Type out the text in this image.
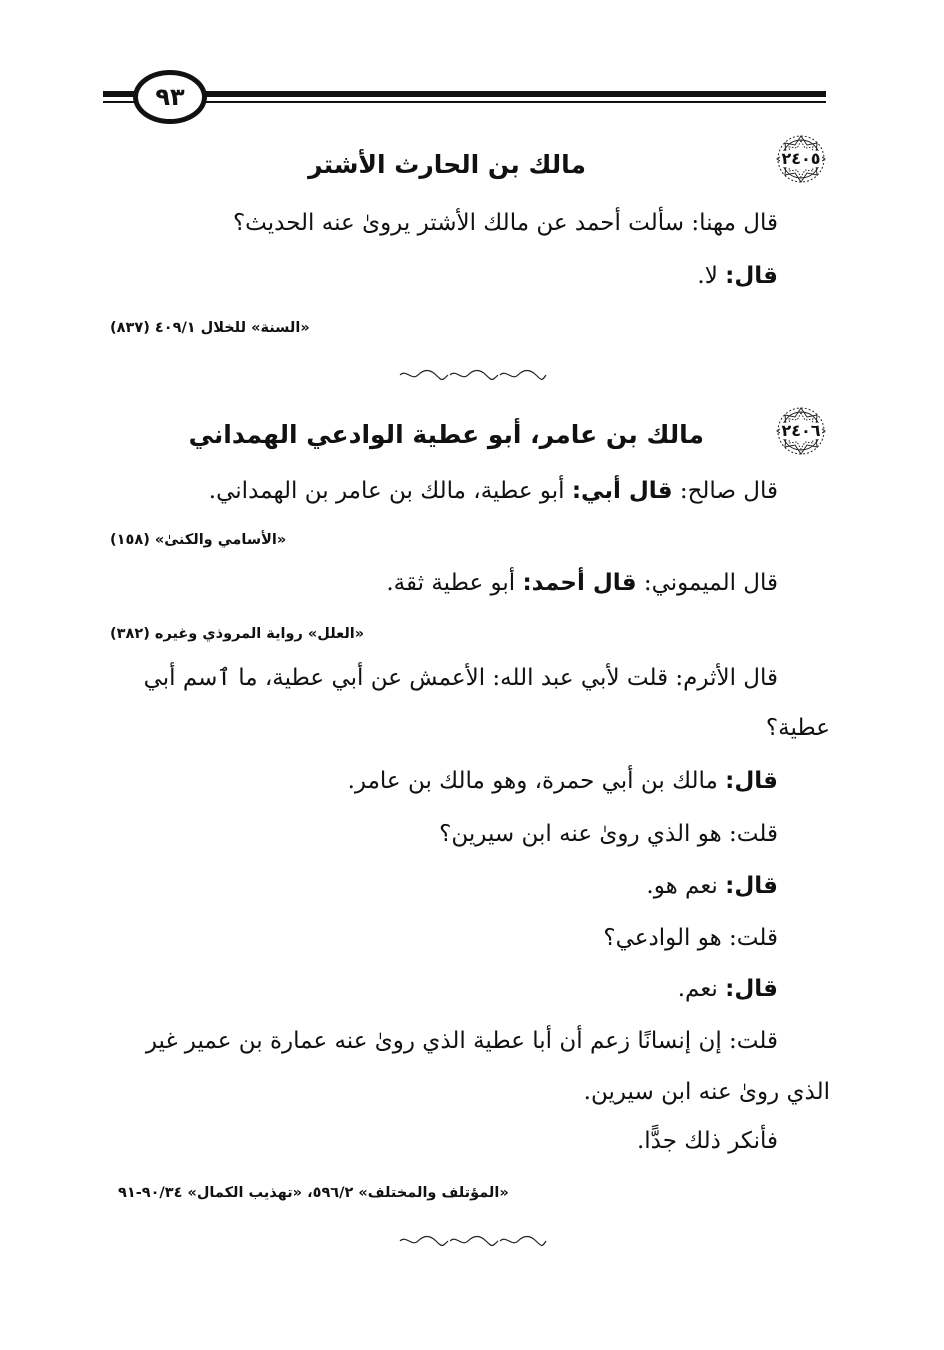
٩٣
٢٤٠٥
مالك بن الحارث الأشتر
قال مهنا: سألت أحمد عن مالك الأشتر يروىٰ عنه الحديث؟
قال: لا.
«السنة» للخلال ٤٠٩/١ (٨٣٧)
٢٤٠٦
مالك بن عامر، أبو عطية الوادعي الهمداني
قال صالح: قال أبي: أبو عطية، مالك بن عامر بن الهمداني.
«الأسامي والكنىٰ» (١٥٨)
قال الميموني: قال أحمد: أبو عطية ثقة.
«العلل» رواية المروذي وغيره (٣٨٢)
قال الأثرم: قلت لأبي عبد الله: الأعمش عن أبي عطية، ما ٱسم أبي
عطية؟
قال: مالك بن أبي حمرة، وهو مالك بن عامر.
قلت: هو الذي روىٰ عنه ابن سيرين؟
قال: نعم هو.
قلت: هو الوادعي؟
قال: نعم.
قلت: إن إنسانًا زعم أن أبا عطية الذي روىٰ عنه عمارة بن عمير غير
الذي روىٰ عنه ابن سيرين.
فأنكر ذلك جدًّا.
«المؤتلف والمختلف» ٥٩٦/٢، «تهذيب الكمال» ٩٠/٣٤-٩١
